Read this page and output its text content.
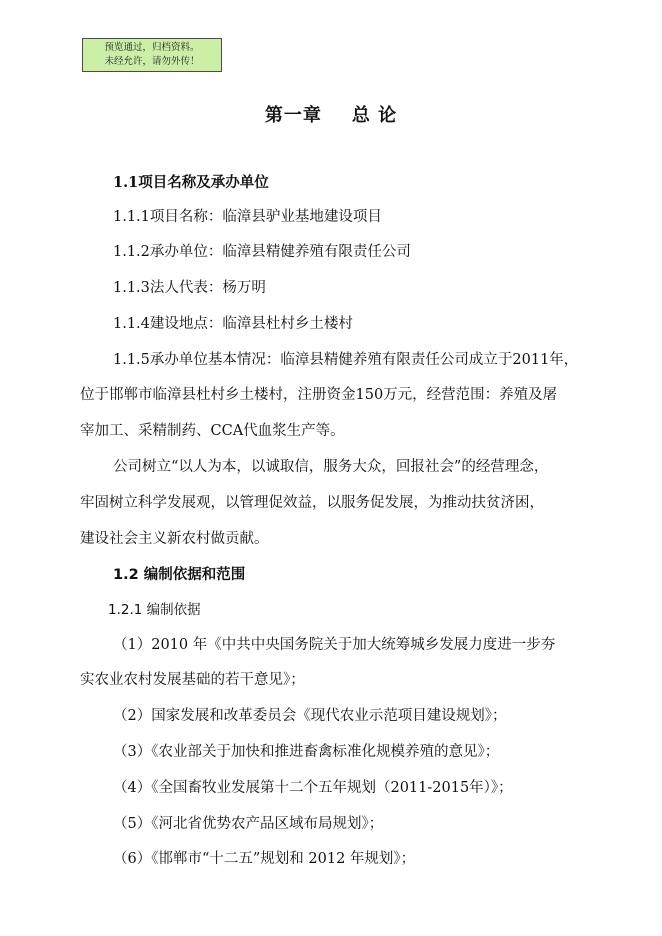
预览通过，归档资料。
未经允许，请勿外传！
第一章 总 论
1.1项目名称及承办单位
1.1.1项目名称：临漳县驴业基地建设项目
1.1.2承办单位：临漳县精健养殖有限责任公司
1.1.3法人代表：杨万明
1.1.4建设地点：临漳县杜村乡土楼村
1.1.5承办单位基本情况：临漳县精健养殖有限责任公司成立于2011年，
位于邯郸市临漳县杜村乡土楼村，注册资金150万元，经营范围：养殖及屠
宰加工、采精制药、CCA代血浆生产等。
公司树立“以人为本，以诚取信，服务大众，回报社会”的经营理念，
牢固树立科学发展观，以管理促效益，以服务促发展，为推动扶贫济困，
建设社会主义新农村做贡献。
1.2 编制依据和范围
1.2.1 编制依据
（1）2010 年《中共中央国务院关于加大统筹城乡发展力度进一步夯
实农业农村发展基础的若干意见》；
（2）国家发展和改革委员会《现代农业示范项目建设规划》；
（3）《农业部关于加快和推进畜禽标准化规模养殖的意见》；
（4）《全国畜牧业发展第十二个五年规划（2011-2015年）》；
（5）《河北省优势农产品区域布局规划》；
（6）《邯郸市“十二五”规划和 2012 年规划》；
